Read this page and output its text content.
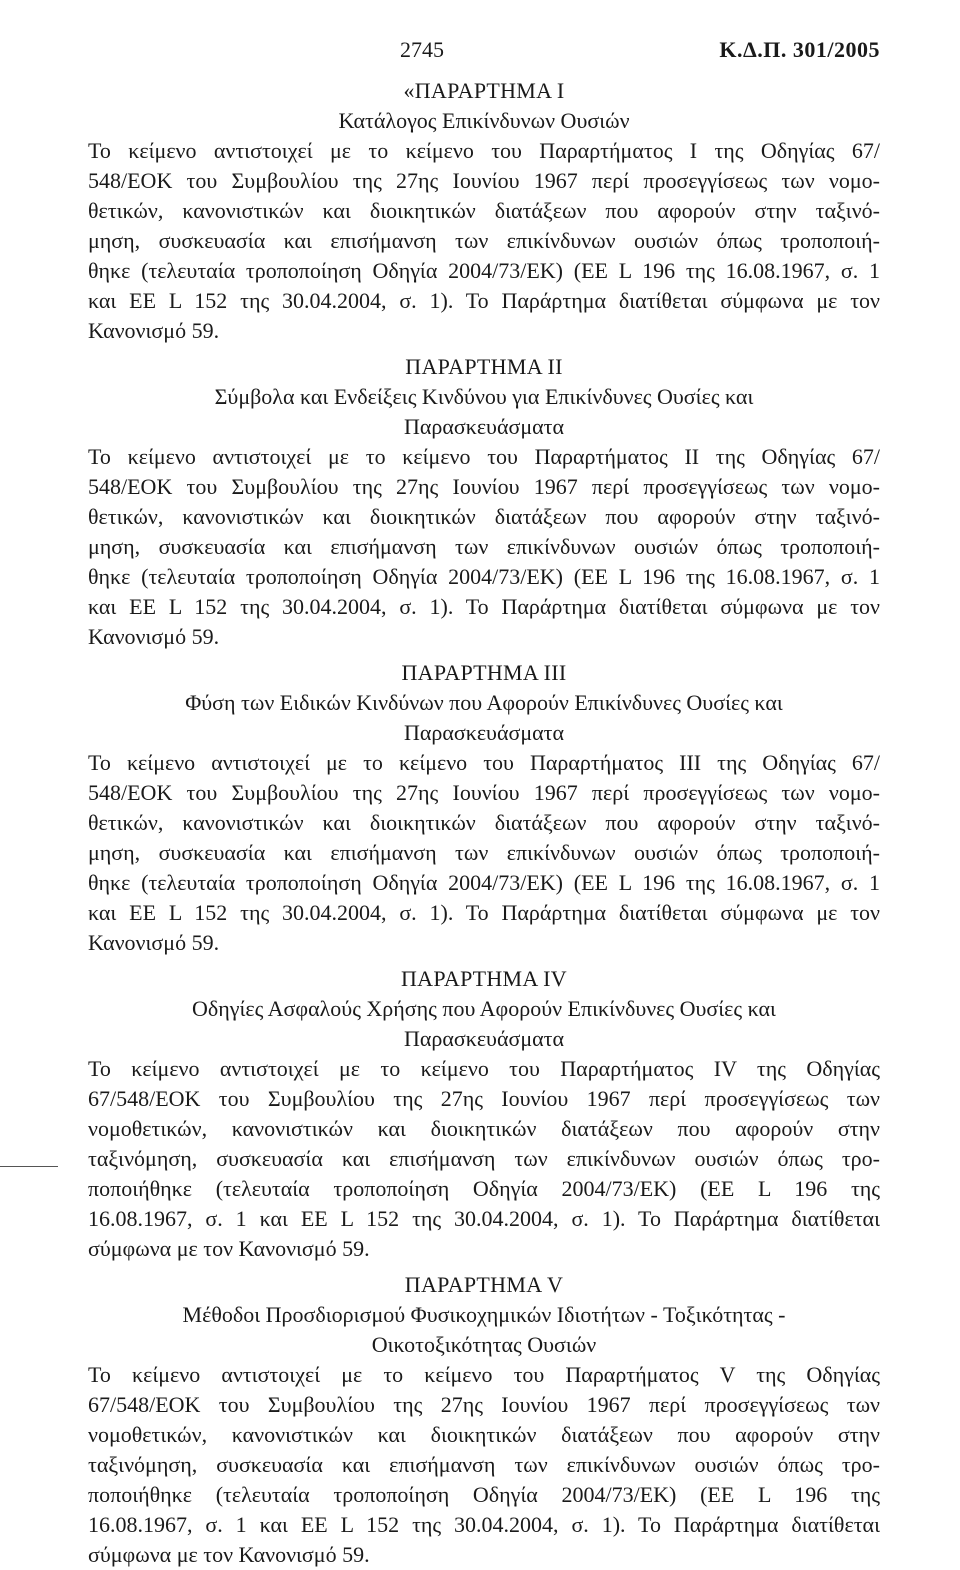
2745	Κ.Δ.Π. 301/2005
«ΠΑΡΑΡΤΗΜΑ Ι
Κατάλογος Επικίνδυνων Ουσιών

Το κείμενο αντιστοιχεί με το κείμενο του Παραρτήματος Ι της Οδηγίας 67/
548/ΕΟΚ του Συμβουλίου της 27ης Ιουνίου 1967 περί προσεγγίσεως των νομο-
θετικών, κανονιστικών και διοικητικών διατάξεων που αφορούν στην ταξινό-
μηση, συσκευασία και επισήμανση των επικίνδυνων ουσιών όπως τροποποιή-
θηκε (τελευταία τροποποίηση Οδηγία 2004/73/ΕΚ) (ΕΕ L 196 της 16.08.1967, σ. 1
και ΕΕ L 152 της 30.04.2004, σ. 1). Το Παράρτημα διατίθεται σύμφωνα με τον
Κανονισμό 59.

ΠΑΡΑΡΤΗΜΑ ΙΙ
Σύμβολα και Ενδείξεις Κινδύνου για Επικίνδυνες Ουσίες και
Παρασκευάσματα

Το κείμενο αντιστοιχεί με το κείμενο του Παραρτήματος ΙΙ της Οδηγίας 67/
548/ΕΟΚ του Συμβουλίου της 27ης Ιουνίου 1967 περί προσεγγίσεως των νομο-
θετικών, κανονιστικών και διοικητικών διατάξεων που αφορούν στην ταξινό-
μηση, συσκευασία και επισήμανση των επικίνδυνων ουσιών όπως τροποποιή-
θηκε (τελευταία τροποποίηση Οδηγία 2004/73/ΕΚ) (ΕΕ L 196 της 16.08.1967, σ. 1
και ΕΕ L 152 της 30.04.2004, σ. 1). Το Παράρτημα διατίθεται σύμφωνα με τον
Κανονισμό 59.

ΠΑΡΑΡΤΗΜΑ ΙΙΙ
Φύση των Ειδικών Κινδύνων που Αφορούν Επικίνδυνες Ουσίες και
Παρασκευάσματα

Το κείμενο αντιστοιχεί με το κείμενο του Παραρτήματος ΙΙΙ της Οδηγίας 67/
548/ΕΟΚ του Συμβουλίου της 27ης Ιουνίου 1967 περί προσεγγίσεως των νομο-
θετικών, κανονιστικών και διοικητικών διατάξεων που αφορούν στην ταξινό-
μηση, συσκευασία και επισήμανση των επικίνδυνων ουσιών όπως τροποποιή-
θηκε (τελευταία τροποποίηση Οδηγία 2004/73/ΕΚ) (ΕΕ L 196 της 16.08.1967, σ. 1
και ΕΕ L 152 της 30.04.2004, σ. 1). Το Παράρτημα διατίθεται σύμφωνα με τον
Κανονισμό 59.

ΠΑΡΑΡΤΗΜΑ IV
Οδηγίες Ασφαλούς Χρήσης που Αφορούν Επικίνδυνες Ουσίες και
Παρασκευάσματα

Το κείμενο αντιστοιχεί με το κείμενο του Παραρτήματος IV της Οδηγίας
67/548/ΕΟΚ του Συμβουλίου της 27ης Ιουνίου 1967 περί προσεγγίσεως των
νομοθετικών, κανονιστικών και διοικητικών διατάξεων που αφορούν στην
ταξινόμηση, συσκευασία και επισήμανση των επικίνδυνων ουσιών όπως τρο-
ποποιήθηκε (τελευταία τροποποίηση Οδηγία 2004/73/ΕΚ) (ΕΕ L 196 της
16.08.1967, σ. 1 και ΕΕ L 152 της 30.04.2004, σ. 1). Το Παράρτημα διατίθεται
σύμφωνα με τον Κανονισμό 59.

ΠΑΡΑΡΤΗΜΑ V
Μέθοδοι Προσδιορισμού Φυσικοχημικών Ιδιοτήτων - Τοξικότητας -
Οικοτοξικότητας Ουσιών

Το κείμενο αντιστοιχεί με το κείμενο του Παραρτήματος V της Οδηγίας
67/548/ΕΟΚ του Συμβουλίου της 27ης Ιουνίου 1967 περί προσεγγίσεως των
νομοθετικών, κανονιστικών και διοικητικών διατάξεων που αφορούν στην
ταξινόμηση, συσκευασία και επισήμανση των επικίνδυνων ουσιών όπως τρο-
ποποιήθηκε (τελευταία τροποποίηση Οδηγία 2004/73/ΕΚ) (ΕΕ L 196 της
16.08.1967, σ. 1 και ΕΕ L 152 της 30.04.2004, σ. 1). Το Παράρτημα διατίθεται
σύμφωνα με τον Κανονισμό 59.
